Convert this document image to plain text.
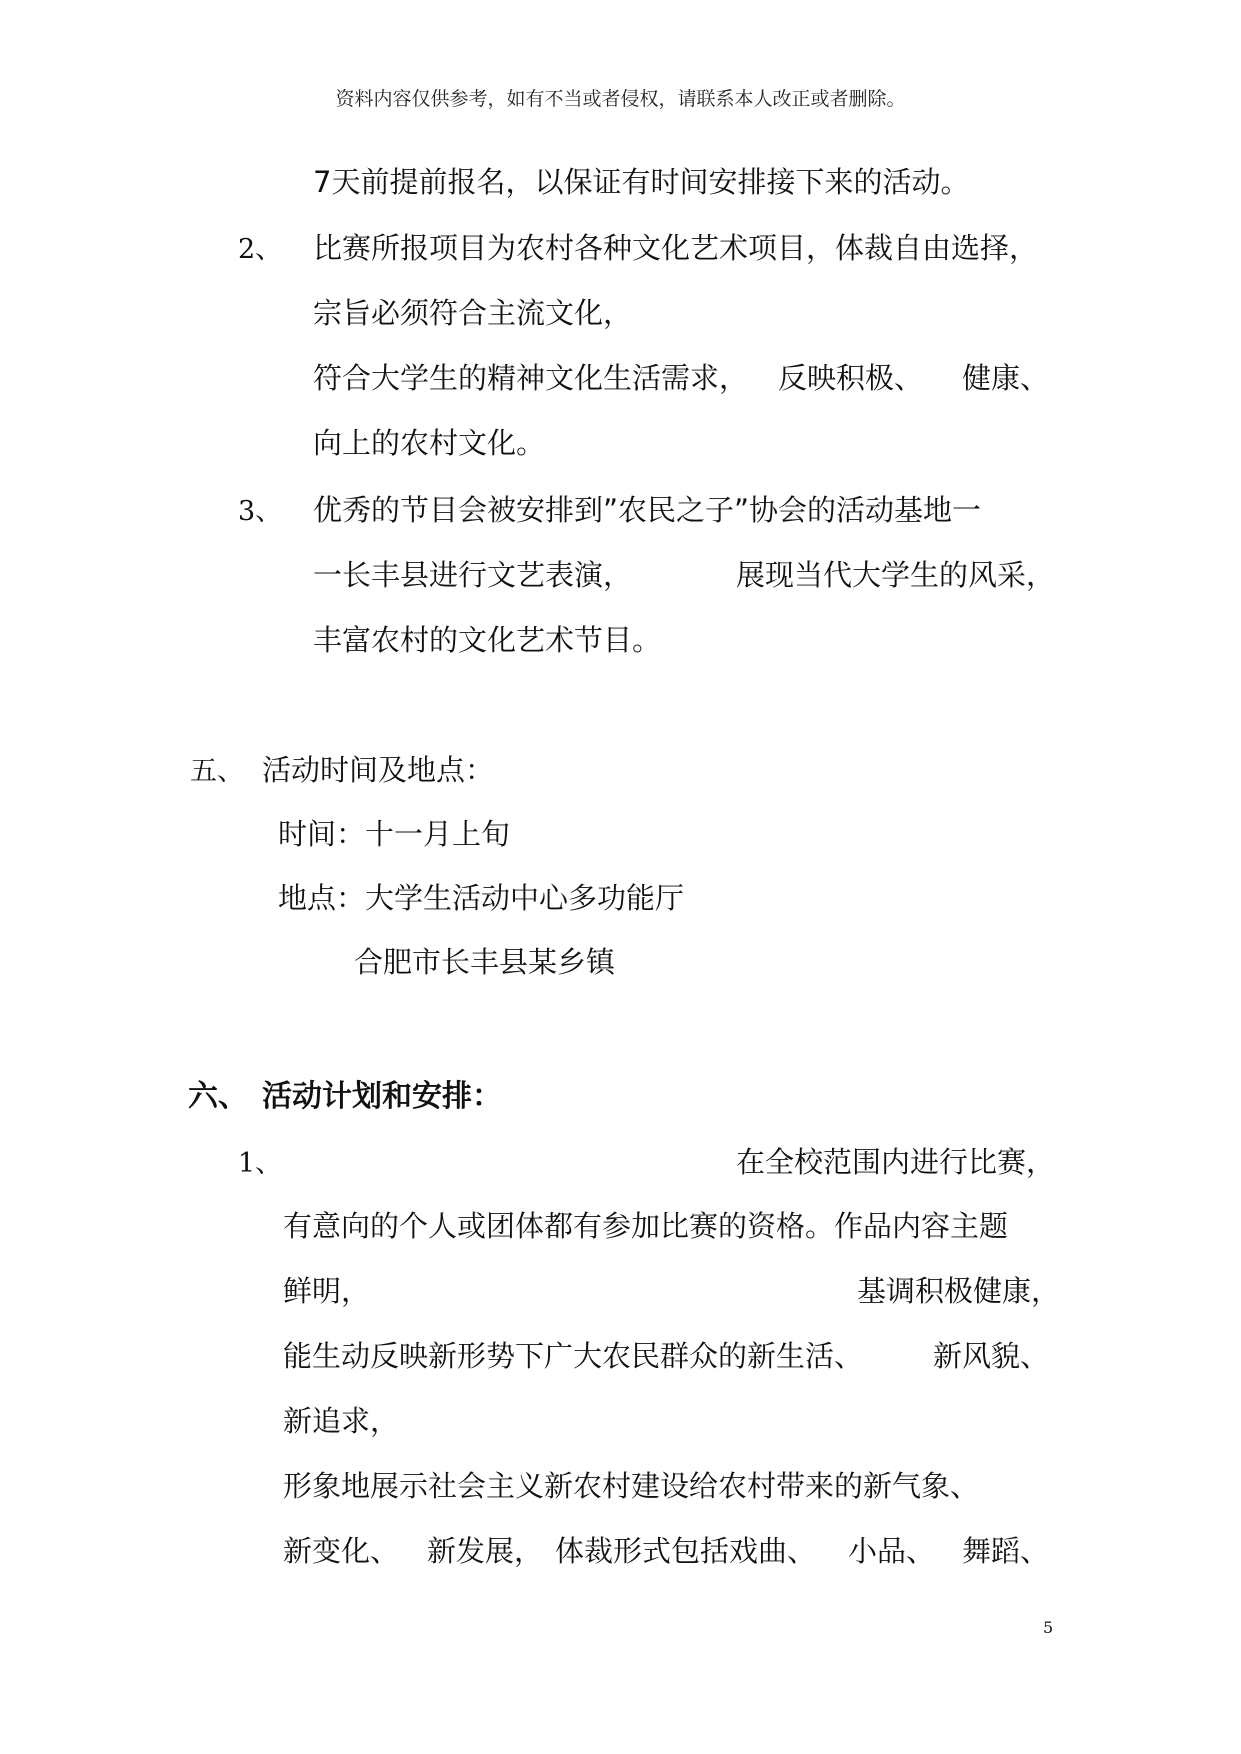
资料内容仅供参考，如有不当或者侵权，请联系本人改正或者删除。
7天前提前报名，以保证有时间安排接下来的活动。
2、 比赛所报项目为农村各种文化艺术项目，体裁自由选择，
宗旨必须符合主流文化，
符合大学生的精神文化生活需求， 反映积极、 健康、
向上的农村文化。
3、 优秀的节目会被安排到”农民之子”协会的活动基地一
一长丰县进行文艺表演，	展现当代大学生的风采，
丰富农村的文化艺术节目。
五、 活动时间及地点：
时间：十一月上旬
地点：大学生活动中心多功能厅
合肥市长丰县某乡镇
六、 活动计划和安排：
1、	在全校范围内进行比赛，
有意向的个人或团体都有参加比赛的资格。作品内容主题
鲜明，	基调积极健康，
能生动反映新形势下广大农民群众的新生活、 新风貌、
新追求，
形象地展示社会主义新农村建设给农村带来的新气象、
新变化、 新发展， 体裁形式包括戏曲、 小品、 舞蹈、
5
